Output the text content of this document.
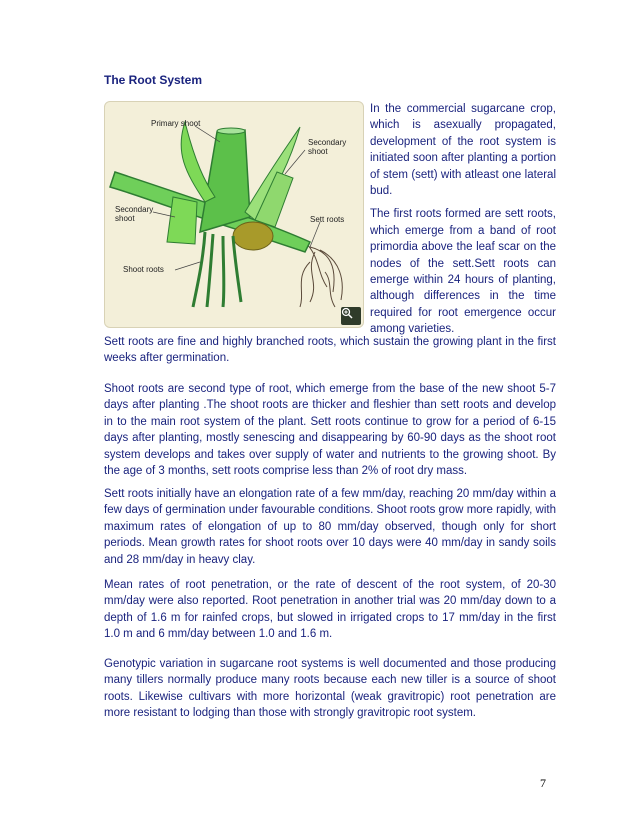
The Root System
Primary shoot
Secondary shoot
Secondary shoot	Sett roots
Shoot roots

In the commercial sugarcane crop, which is asexually propagated, development of the root system is initiated soon after planting a portion of stem (sett) with atleast one lateral bud.

The first roots formed are sett roots, which emerge from a band of root primordia above the leaf scar on the nodes of the sett.Sett roots can emerge within 24 hours of planting, although differences in the time required for root emergence occur among varieties.

Sett roots are fine and highly branched roots, which sustain the growing plant in the first weeks after germination.

Shoot roots are second type of root, which emerge from the base of the new shoot 5-7 days after planting .The shoot roots are thicker and fleshier than sett roots and develop in to the main root system of the plant. Sett roots continue to grow for a period of 6-15 days after planting, mostly senescing and disappearing by 60-90 days as the shoot root system develops and takes over supply of water and nutrients to the growing shoot. By the age of 3 months, sett roots comprise less than 2% of root dry mass.

Sett roots initially have an elongation rate of a few mm/day, reaching 20 mm/day within a few days of germination under favourable conditions. Shoot roots grow more rapidly, with maximum rates of elongation of up to 80 mm/day observed, though only for short periods. Mean growth rates for shoot roots over 10 days were 40 mm/day in sandy soils and 28 mm/day in heavy clay.

Mean rates of root penetration, or the rate of descent of the root system, of 20-30 mm/day were also reported. Root penetration in another trial was 20 mm/day down to a depth of 1.6 m for rainfed crops, but slowed in irrigated crops to 17 mm/day in the first 1.0 m and 6 mm/day between 1.0 and 1.6 m.

Genotypic variation in sugarcane root systems is well documented and those producing many tillers normally produce many roots because each new tiller is a source of shoot roots. Likewise cultivars with more horizontal (weak gravitropic) root penetration are more resistant to lodging than those with strongly gravitropic root system.

7
